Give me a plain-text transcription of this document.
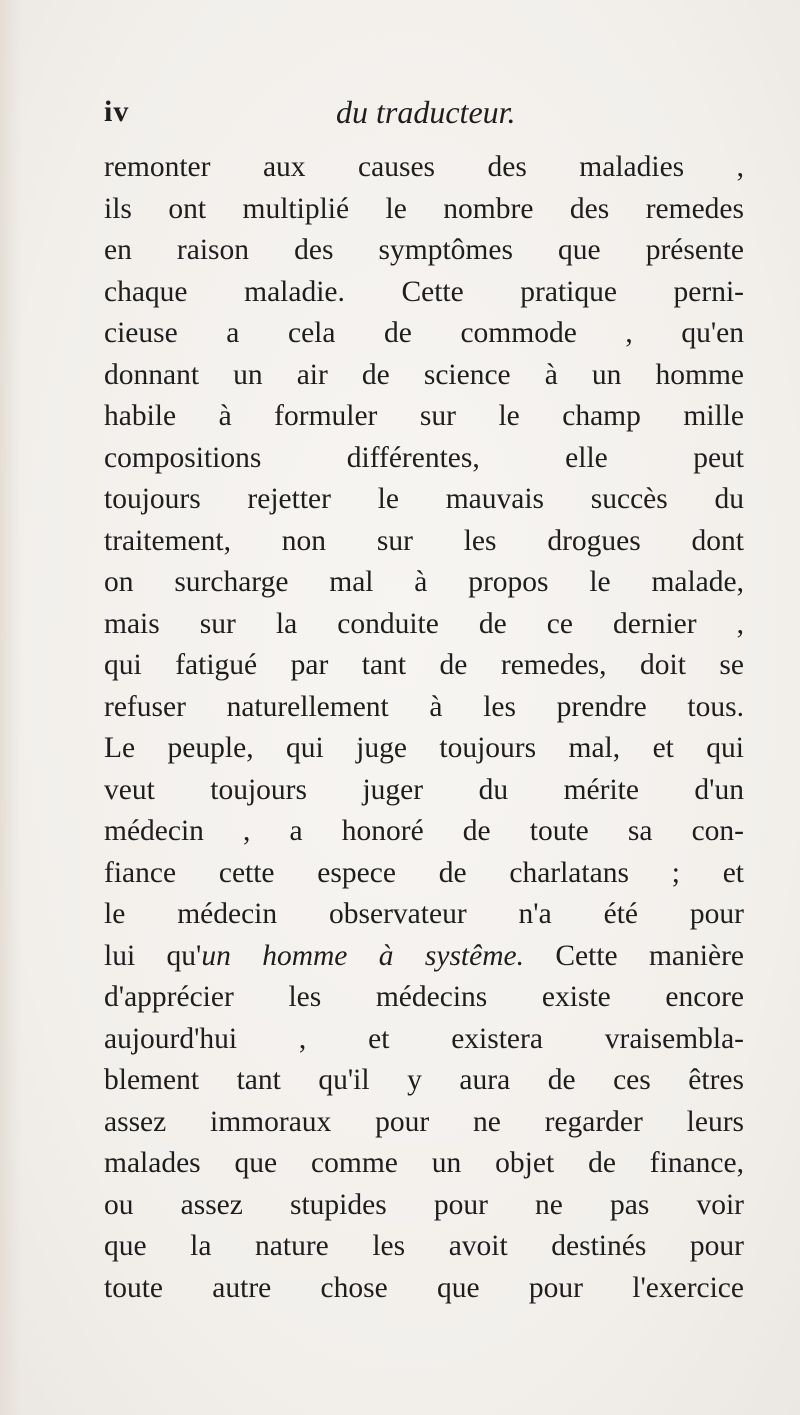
iv	du traducteur.
remonter aux causes des maladies ,
ils ont multiplié le nombre des remedes
en raison des symptômes que présente
chaque maladie. Cette pratique perni-
cieuse a cela de commode , qu'en
donnant un air de science à un homme
habile à formuler sur le champ mille
compositions différentes, elle peut
toujours rejetter le mauvais succès du
traitement, non sur les drogues dont
on surcharge mal à propos le malade,
mais sur la conduite de ce dernier ,
qui fatigué par tant de remedes, doit se
refuser naturellement à les prendre tous.
Le peuple, qui juge toujours mal, et qui
veut toujours juger du mérite d'un
médecin , a honoré de toute sa con-
fiance cette espece de charlatans ; et
le médecin observateur n'a été pour
lui qu'un homme à systême. Cette manière
d'apprécier les médecins existe encore
aujourd'hui , et existera vraisembla-
blement tant qu'il y aura de ces êtres
assez immoraux pour ne regarder leurs
malades que comme un objet de finance,
ou assez stupides pour ne pas voir
que la nature les avoit destinés pour
toute autre chose que pour l'exercice
